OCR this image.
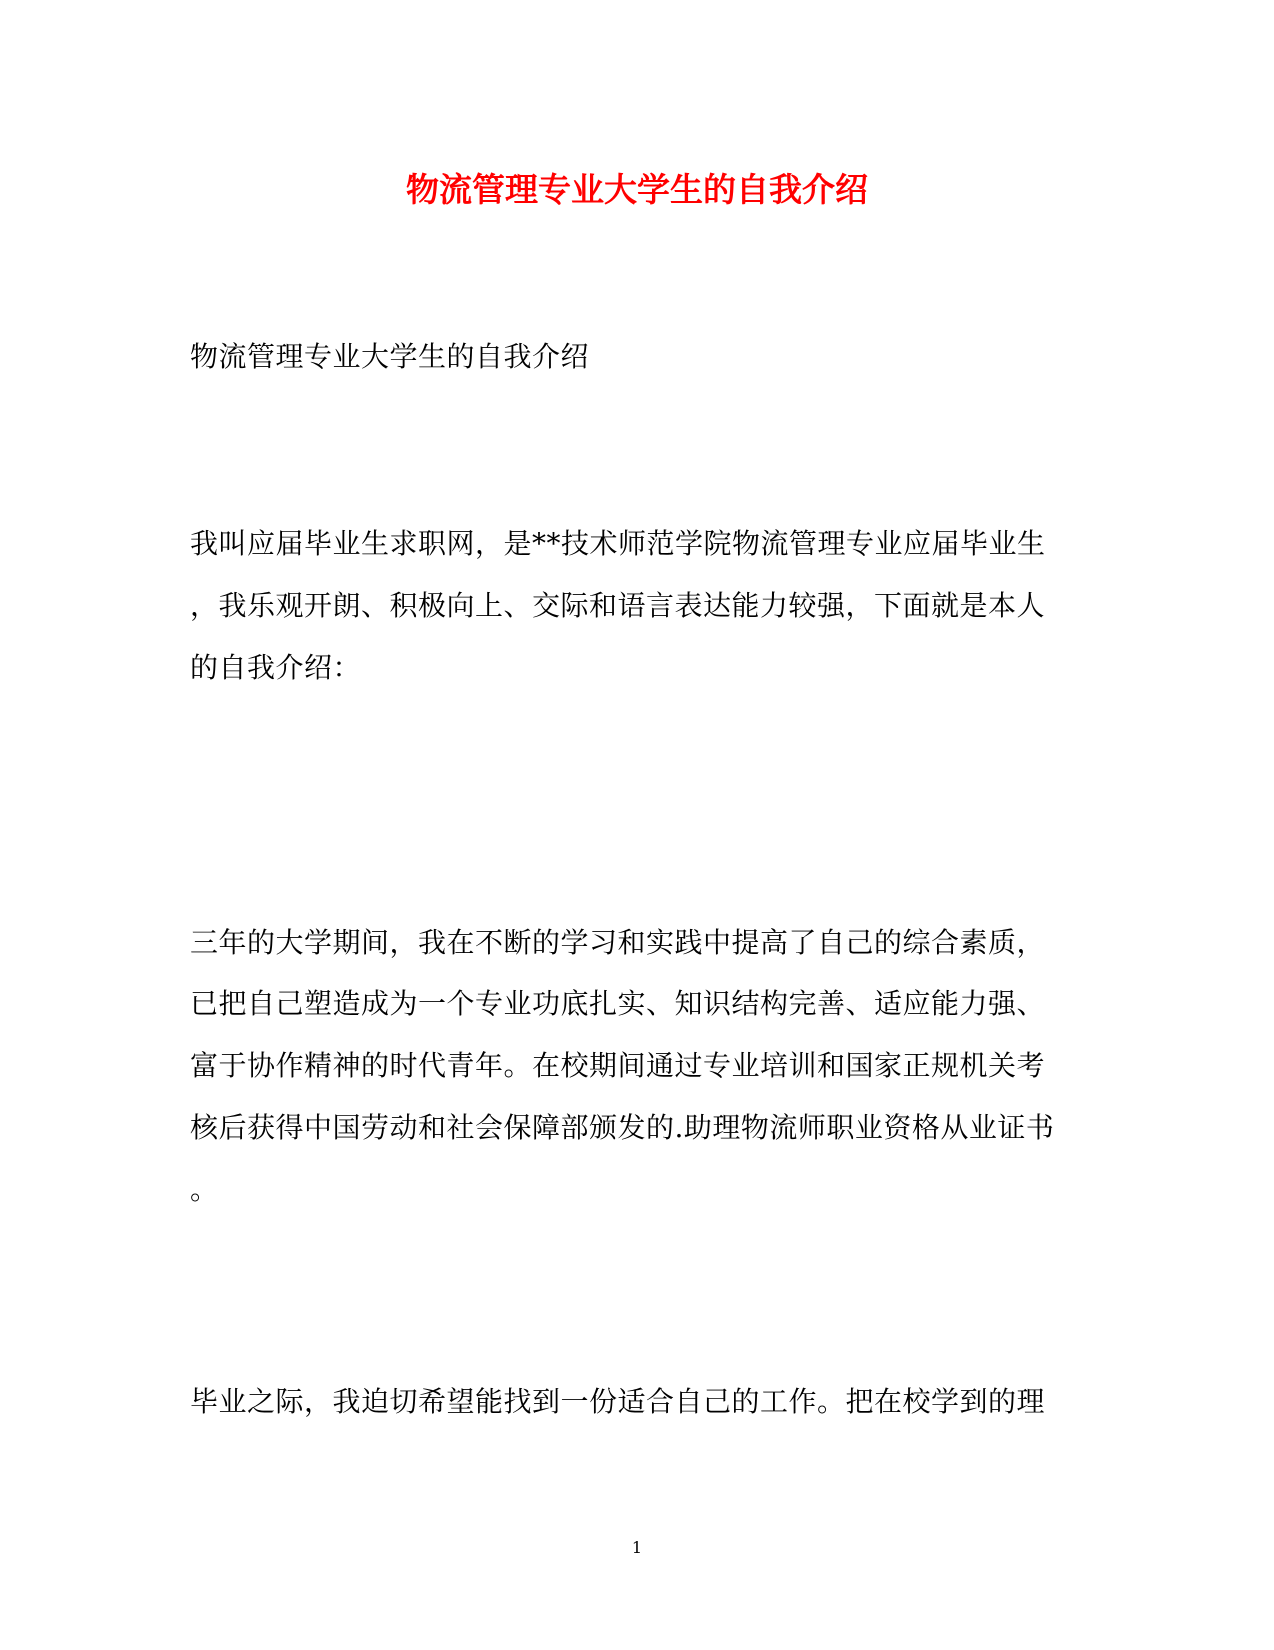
物流管理专业大学生的自我介绍
物流管理专业大学生的自我介绍
我叫应届毕业生求职网，是**技术师范学院物流管理专业应届毕业生
，我乐观开朗、积极向上、交际和语言表达能力较强，下面就是本人
的自我介绍：
三年的大学期间，我在不断的学习和实践中提高了自己的综合素质，
已把自己塑造成为一个专业功底扎实、知识结构完善、适应能力强、
富于协作精神的时代青年。在校期间通过专业培训和国家正规机关考
核后获得中国劳动和社会保障部颁发的.助理物流师职业资格从业证书
。
毕业之际，我迫切希望能找到一份适合自己的工作。把在校学到的理
1
